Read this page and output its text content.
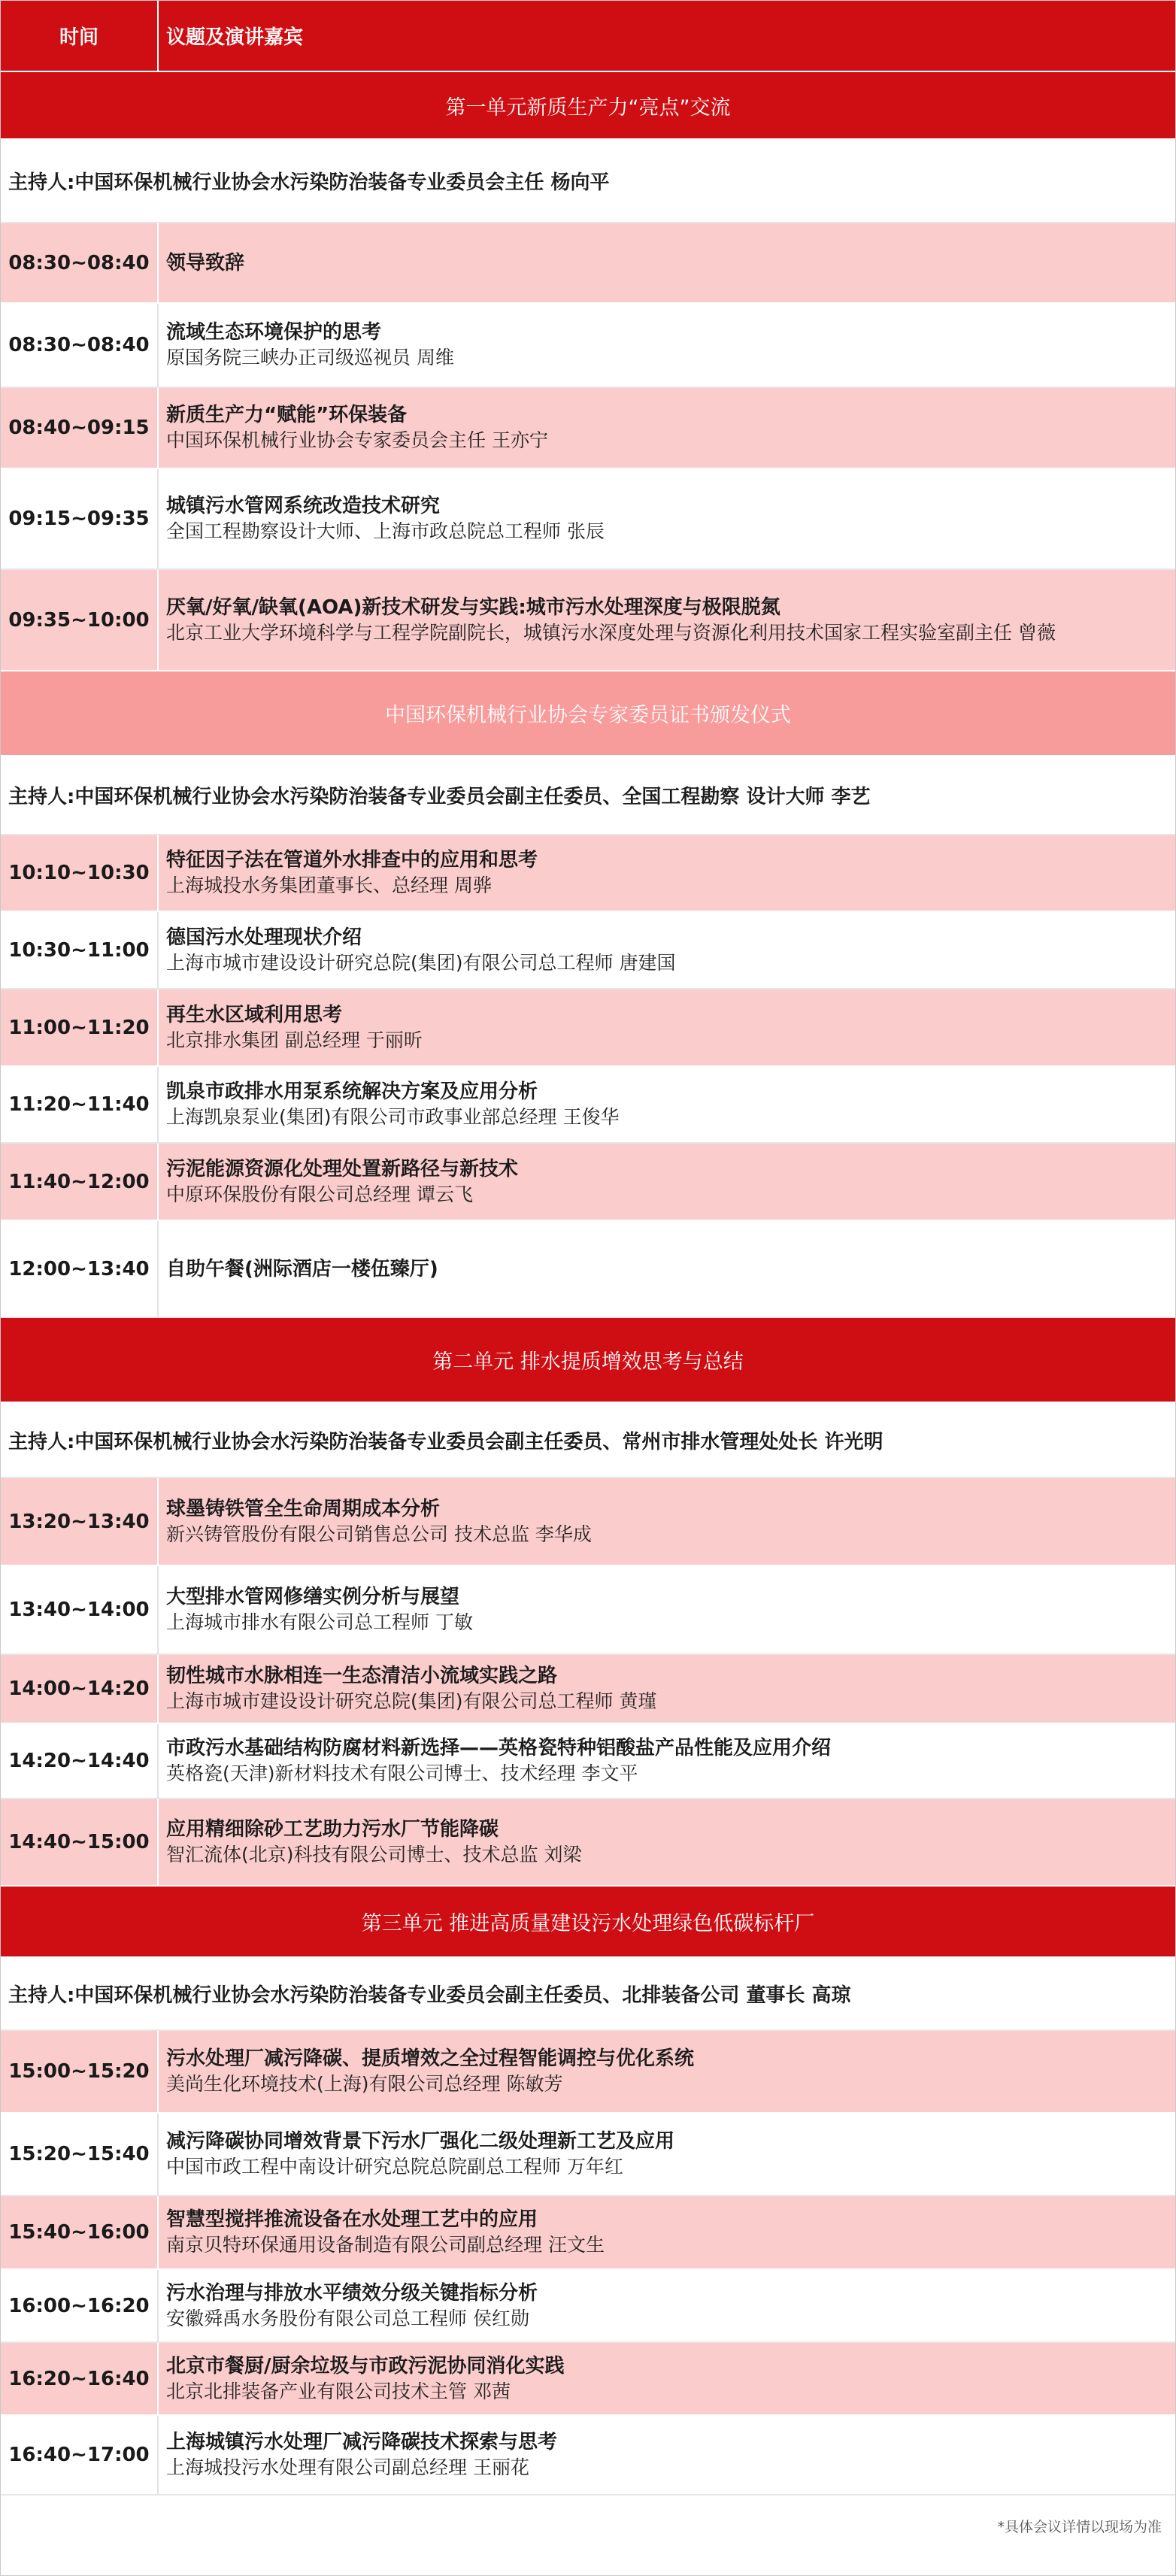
时间	议题及演讲嘉宾
第一单元新质生产力“亮点”交流
主持人:中国环保机械行业协会水污染防治装备专业委员会主任 杨向平
08:30~08:40 领导致辞
08:30~08:40
流域生态环境保护的思考
原国务院三峡办正司级巡视员 周维
08:40~09:15
新质生产力“赋能”环保装备
中国环保机械行业协会专家委员会主任 王亦宁
09:15~09:35
城镇污水管网系统改造技术研究
全国工程勘察设计大师、上海市政总院总工程师 张辰
09:35~10:00
厌氧/好氧/缺氧(AOA)新技术研发与实践:城市污水处理深度与极限脱氮
北京工业大学环境科学与工程学院副院长，城镇污水深度处理与资源化利用技术国家工程实验室副主任 曾薇
中国环保机械行业协会专家委员证书颁发仪式
主持人:中国环保机械行业协会水污染防治装备专业委员会副主任委员、全国工程勘察 设计大师 李艺
10:10~10:30
特征因子法在管道外水排查中的应用和思考
上海城投水务集团董事长、总经理 周骅
10:30~11:00
德国污水处理现状介绍
上海市城市建设设计研究总院(集团)有限公司总工程师 唐建国
11:00~11:20
再生水区域利用思考
北京排水集团 副总经理 于丽昕
11:20~11:40
凯泉市政排水用泵系统解决方案及应用分析
上海凯泉泵业(集团)有限公司市政事业部总经理 王俊华
11:40~12:00
污泥能源资源化处理处置新路径与新技术
中原环保股份有限公司总经理 谭云飞
12:00~13:40 自助午餐(洲际酒店一楼伍臻厅)
第二单元 排水提质增效思考与总结
主持人:中国环保机械行业协会水污染防治装备专业委员会副主任委员、常州市排水管理处处长 许光明
13:20~13:40
球墨铸铁管全生命周期成本分析
新兴铸管股份有限公司销售总公司 技术总监 李华成
13:40~14:00
大型排水管网修缮实例分析与展望
上海城市排水有限公司总工程师 丁敏
14:00~14:20
韧性城市水脉相连一生态清洁小流域实践之路
上海市城市建设设计研究总院(集团)有限公司总工程师 黄瑾
14:20~14:40
市政污水基础结构防腐材料新选择——英格瓷特种铝酸盐产品性能及应用介绍
英格瓷(天津)新材料技术有限公司博士、技术经理 李文平
14:40~15:00
应用精细除砂工艺助力污水厂节能降碳
智汇流体(北京)科技有限公司博士、技术总监 刘梁
第三单元 推进高质量建设污水处理绿色低碳标杆厂
主持人:中国环保机械行业协会水污染防治装备专业委员会副主任委员、北排装备公司 董事长 高琼
15:00~15:20
污水处理厂减污降碳、提质增效之全过程智能调控与优化系统
美尚生化环境技术(上海)有限公司总经理 陈敏芳
15:20~15:40
减污降碳协同增效背景下污水厂强化二级处理新工艺及应用
中国市政工程中南设计研究总院总院副总工程师 万年红
15:40~16:00
智慧型搅拌推流设备在水处理工艺中的应用
南京贝特环保通用设备制造有限公司副总经理 汪文生
16:00~16:20
污水治理与排放水平绩效分级关键指标分析
安徽舜禹水务股份有限公司总工程师 侯红勋
16:20~16:40
北京市餐厨/厨余垃圾与市政污泥协同消化实践
北京北排装备产业有限公司技术主管 邓茜
16:40~17:00
上海城镇污水处理厂减污降碳技术探索与思考
上海城投污水处理有限公司副总经理 王丽花
*具体会议详情以现场为准
